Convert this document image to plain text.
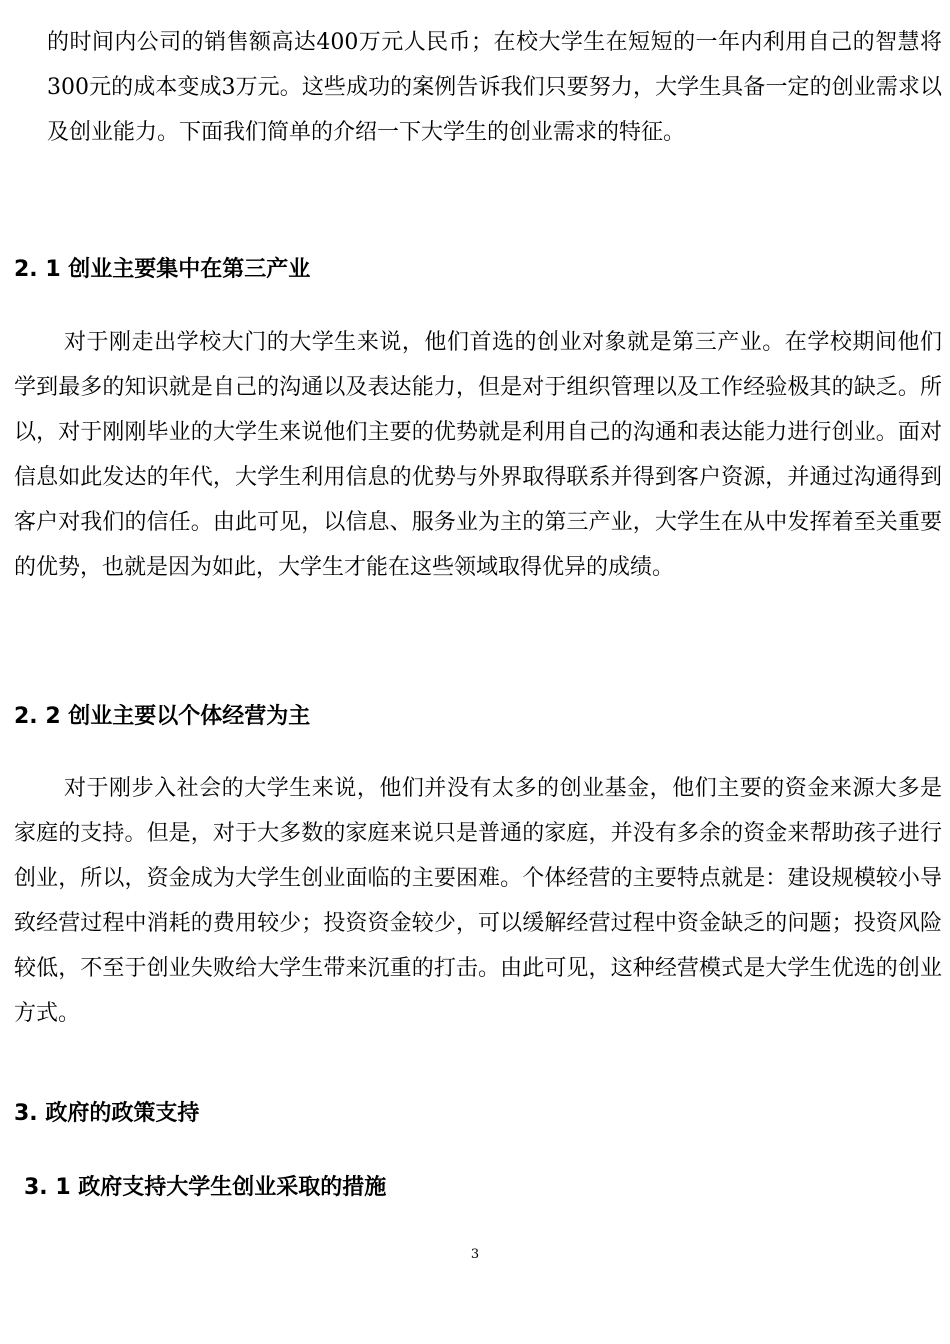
的时间内公司的销售额高达400万元人民币；在校大学生在短短的一年内利用自己的智慧将300元的成本变成3万元。这些成功的案例告诉我们只要努力，大学生具备一定的创业需求以及创业能力。下面我们简单的介绍一下大学生的创业需求的特征。

2. 1 创业主要集中在第三产业

对于刚走出学校大门的大学生来说，他们首选的创业对象就是第三产业。在学校期间他们学到最多的知识就是自己的沟通以及表达能力，但是对于组织管理以及工作经验极其的缺乏。所以，对于刚刚毕业的大学生来说他们主要的优势就是利用自己的沟通和表达能力进行创业。面对信息如此发达的年代，大学生利用信息的优势与外界取得联系并得到客户资源，并通过沟通得到客户对我们的信任。由此可见，以信息、服务业为主的第三产业，大学生在从中发挥着至关重要的优势，也就是因为如此，大学生才能在这些领域取得优异的成绩。

2. 2 创业主要以个体经营为主

对于刚步入社会的大学生来说，他们并没有太多的创业基金，他们主要的资金来源大多是家庭的支持。但是，对于大多数的家庭来说只是普通的家庭，并没有多余的资金来帮助孩子进行创业，所以，资金成为大学生创业面临的主要困难。个体经营的主要特点就是：建设规模较小导致经营过程中消耗的费用较少；投资资金较少，可以缓解经营过程中资金缺乏的问题；投资风险较低，不至于创业失败给大学生带来沉重的打击。由此可见，这种经营模式是大学生优选的创业方式。

3. 政府的政策支持
3. 1 政府支持大学生创业采取的措施
3
